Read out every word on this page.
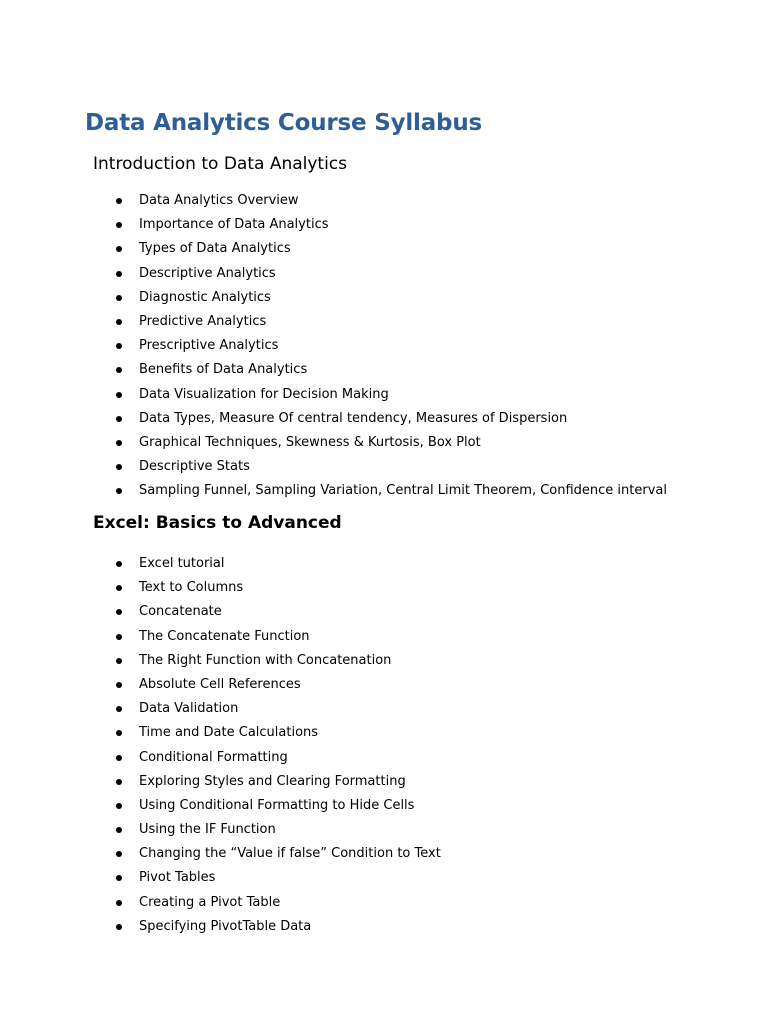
Data Analytics Course Syllabus
Introduction to Data Analytics
Data Analytics Overview
Importance of Data Analytics
Types of Data Analytics
Descriptive Analytics
Diagnostic Analytics
Predictive Analytics
Prescriptive Analytics
Benefits of Data Analytics
Data Visualization for Decision Making
Data Types, Measure Of central tendency, Measures of Dispersion
Graphical Techniques, Skewness & Kurtosis, Box Plot
Descriptive Stats
Sampling Funnel, Sampling Variation, Central Limit Theorem, Confidence interval
Excel: Basics to Advanced
Excel tutorial
Text to Columns
Concatenate
The Concatenate Function
The Right Function with Concatenation
Absolute Cell References
Data Validation
Time and Date Calculations
Conditional Formatting
Exploring Styles and Clearing Formatting
Using Conditional Formatting to Hide Cells
Using the IF Function
Changing the “Value if false” Condition to Text
Pivot Tables
Creating a Pivot Table
Specifying PivotTable Data
